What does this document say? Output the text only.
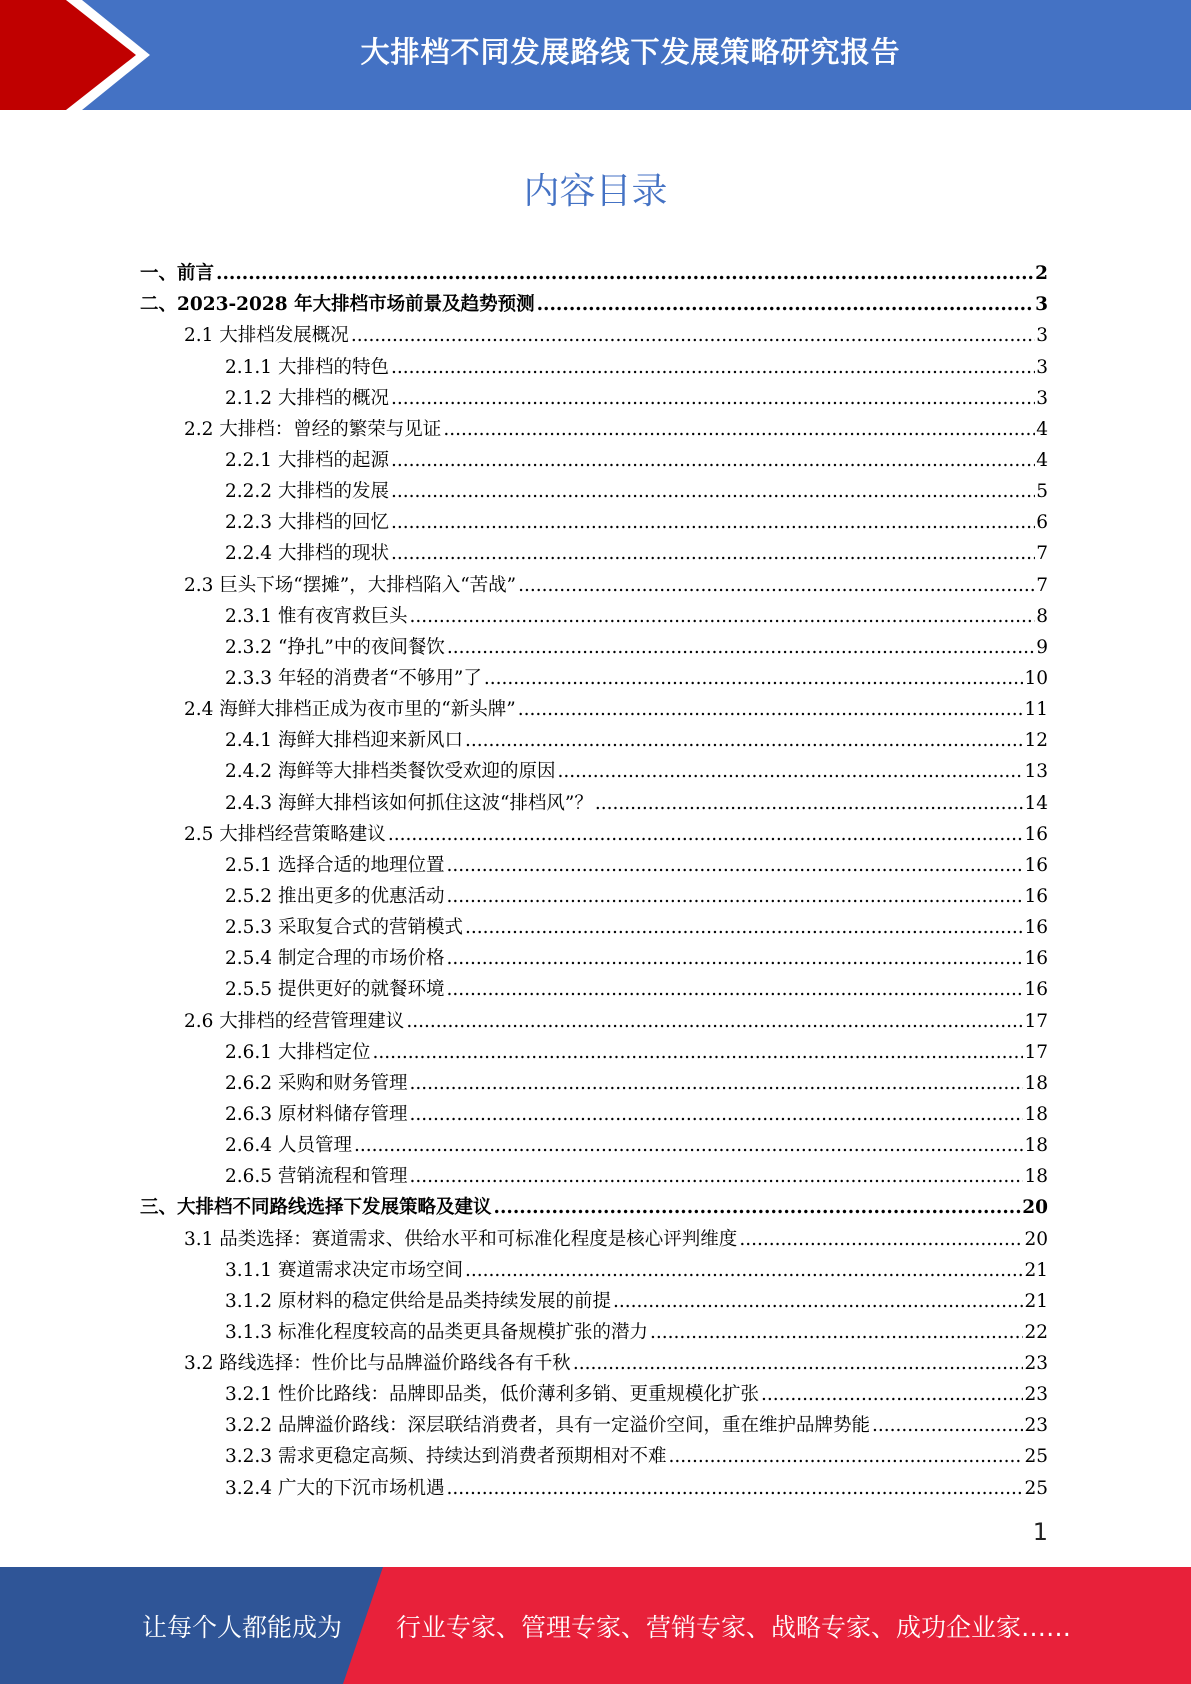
大排档不同发展路线下发展策略研究报告
内容目录
一、前言 .....	2
二、2023-2028 年大排档市场前景及趋势预测 .....	3
2.1 大排档发展概况 .....	3
2.1.1 大排档的特色 .....	3
2.1.2 大排档的概况 .....	3
2.2 大排档：曾经的繁荣与见证 .....	4
2.2.1 大排档的起源 .....	4
2.2.2 大排档的发展 .....	5
2.2.3 大排档的回忆 .....	6
2.2.4 大排档的现状 .....	7
2.3 巨头下场“摆摊”，大排档陷入“苦战” .....	7
2.3.1 惟有夜宵救巨头 .....	8
2.3.2 “挣扎”中的夜间餐饮 .....	9
2.3.3 年轻的消费者“不够用”了 .....	10
2.4 海鲜大排档正成为夜市里的“新头牌” .....	11
2.4.1 海鲜大排档迎来新风口 .....	12
2.4.2 海鲜等大排档类餐饮受欢迎的原因 .....	13
2.4.3 海鲜大排档该如何抓住这波“排档风”？ .....	14
2.5 大排档经营策略建议 .....	16
2.5.1 选择合适的地理位置 .....	16
2.5.2 推出更多的优惠活动 .....	16
2.5.3 采取复合式的营销模式 .....	16
2.5.4 制定合理的市场价格 .....	16
2.5.5 提供更好的就餐环境 .....	16
2.6 大排档的经营管理建议 .....	17
2.6.1 大排档定位 .....	17
2.6.2 采购和财务管理 .....	18
2.6.3 原材料储存管理 .....	18
2.6.4 人员管理 .....	18
2.6.5 营销流程和管理 .....	18
三、大排档不同路线选择下发展策略及建议 .....	20
3.1 品类选择：赛道需求、供给水平和可标准化程度是核心评判维度 .....	20
3.1.1 赛道需求决定市场空间 .....	21
3.1.2 原材料的稳定供给是品类持续发展的前提 .....	21
3.1.3 标准化程度较高的品类更具备规模扩张的潜力 .....	22
3.2 路线选择：性价比与品牌溢价路线各有千秋 .....	23
3.2.1 性价比路线：品牌即品类，低价薄利多销、更重规模化扩张 .....	23
3.2.2 品牌溢价路线：深层联结消费者，具有一定溢价空间，重在维护品牌势能 .....	23
3.2.3 需求更稳定高频、持续达到消费者预期相对不难 .....	25
3.2.4 广大的下沉市场机遇 .....	25
1
让每个人都能成为 行业专家、管理专家、营销专家、战略专家、成功企业家……
